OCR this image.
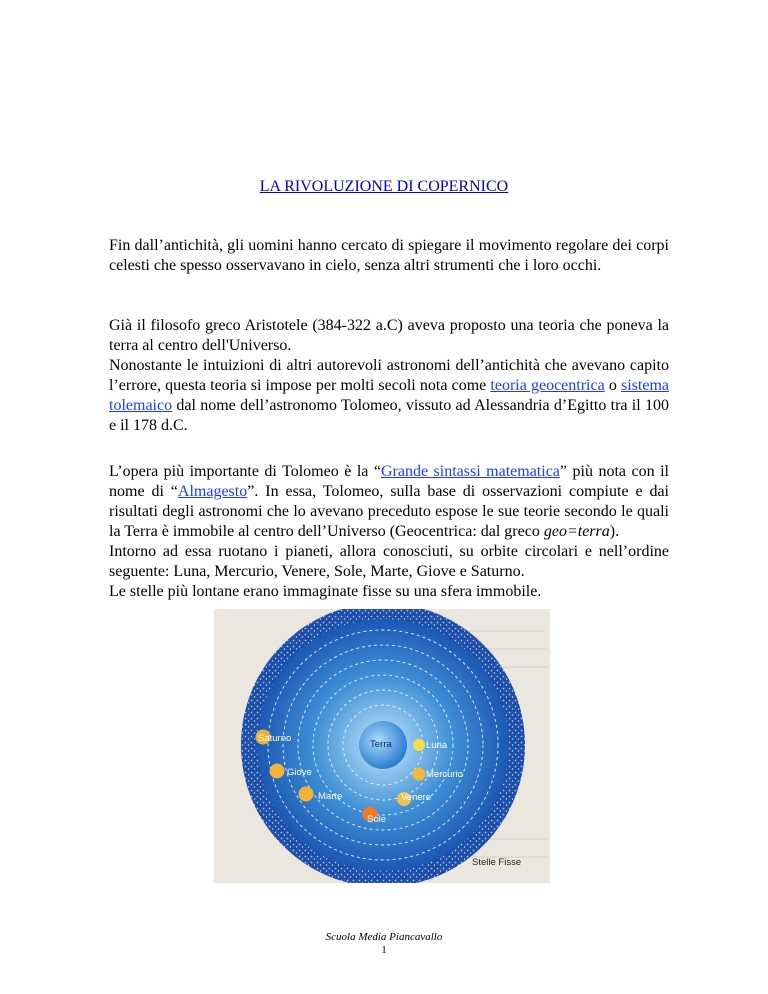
LA RIVOLUZIONE DI COPERNICO
Fin dall’antichità, gli uomini hanno cercato di spiegare il movimento regolare dei corpi celesti che spesso osservavano in cielo, senza altri strumenti che i loro occhi.
Già il filosofo greco Aristotele (384-322 a.C) aveva proposto una teoria che poneva la terra al centro dell'Universo.
Nonostante le intuizioni di altri autorevoli astronomi dell’antichità che avevano capito l’errore, questa teoria si impose per molti secoli nota come teoria geocentrica o sistema tolemaico dal nome dell’astronomo Tolomeo, vissuto ad Alessandria d’Egitto tra il 100 e il 178 d.C.
L’opera più importante di Tolomeo è la “Grande sintassi matematica” più nota con il nome di “Almagesto”. In essa, Tolomeo, sulla base di osservazioni compiute e dai risultati degli astronomi che lo avevano preceduto espose le sue teorie secondo le quali la Terra è immobile al centro dell’Universo (Geocentrica: dal greco geo=terra).
Intorno ad essa ruotano i pianeti, allora conosciuti, su orbite circolari e nell’ordine seguente: Luna, Mercurio, Venere, Sole, Marte, Giove e Saturno.
Le stelle più lontane erano immaginate fisse su una sfera immobile.
Terra	Luna
Mercurio
Venere
Sole
Marte
Giove
Saturno
Stelle Fisse
Scuola Media Piancavallo
1
